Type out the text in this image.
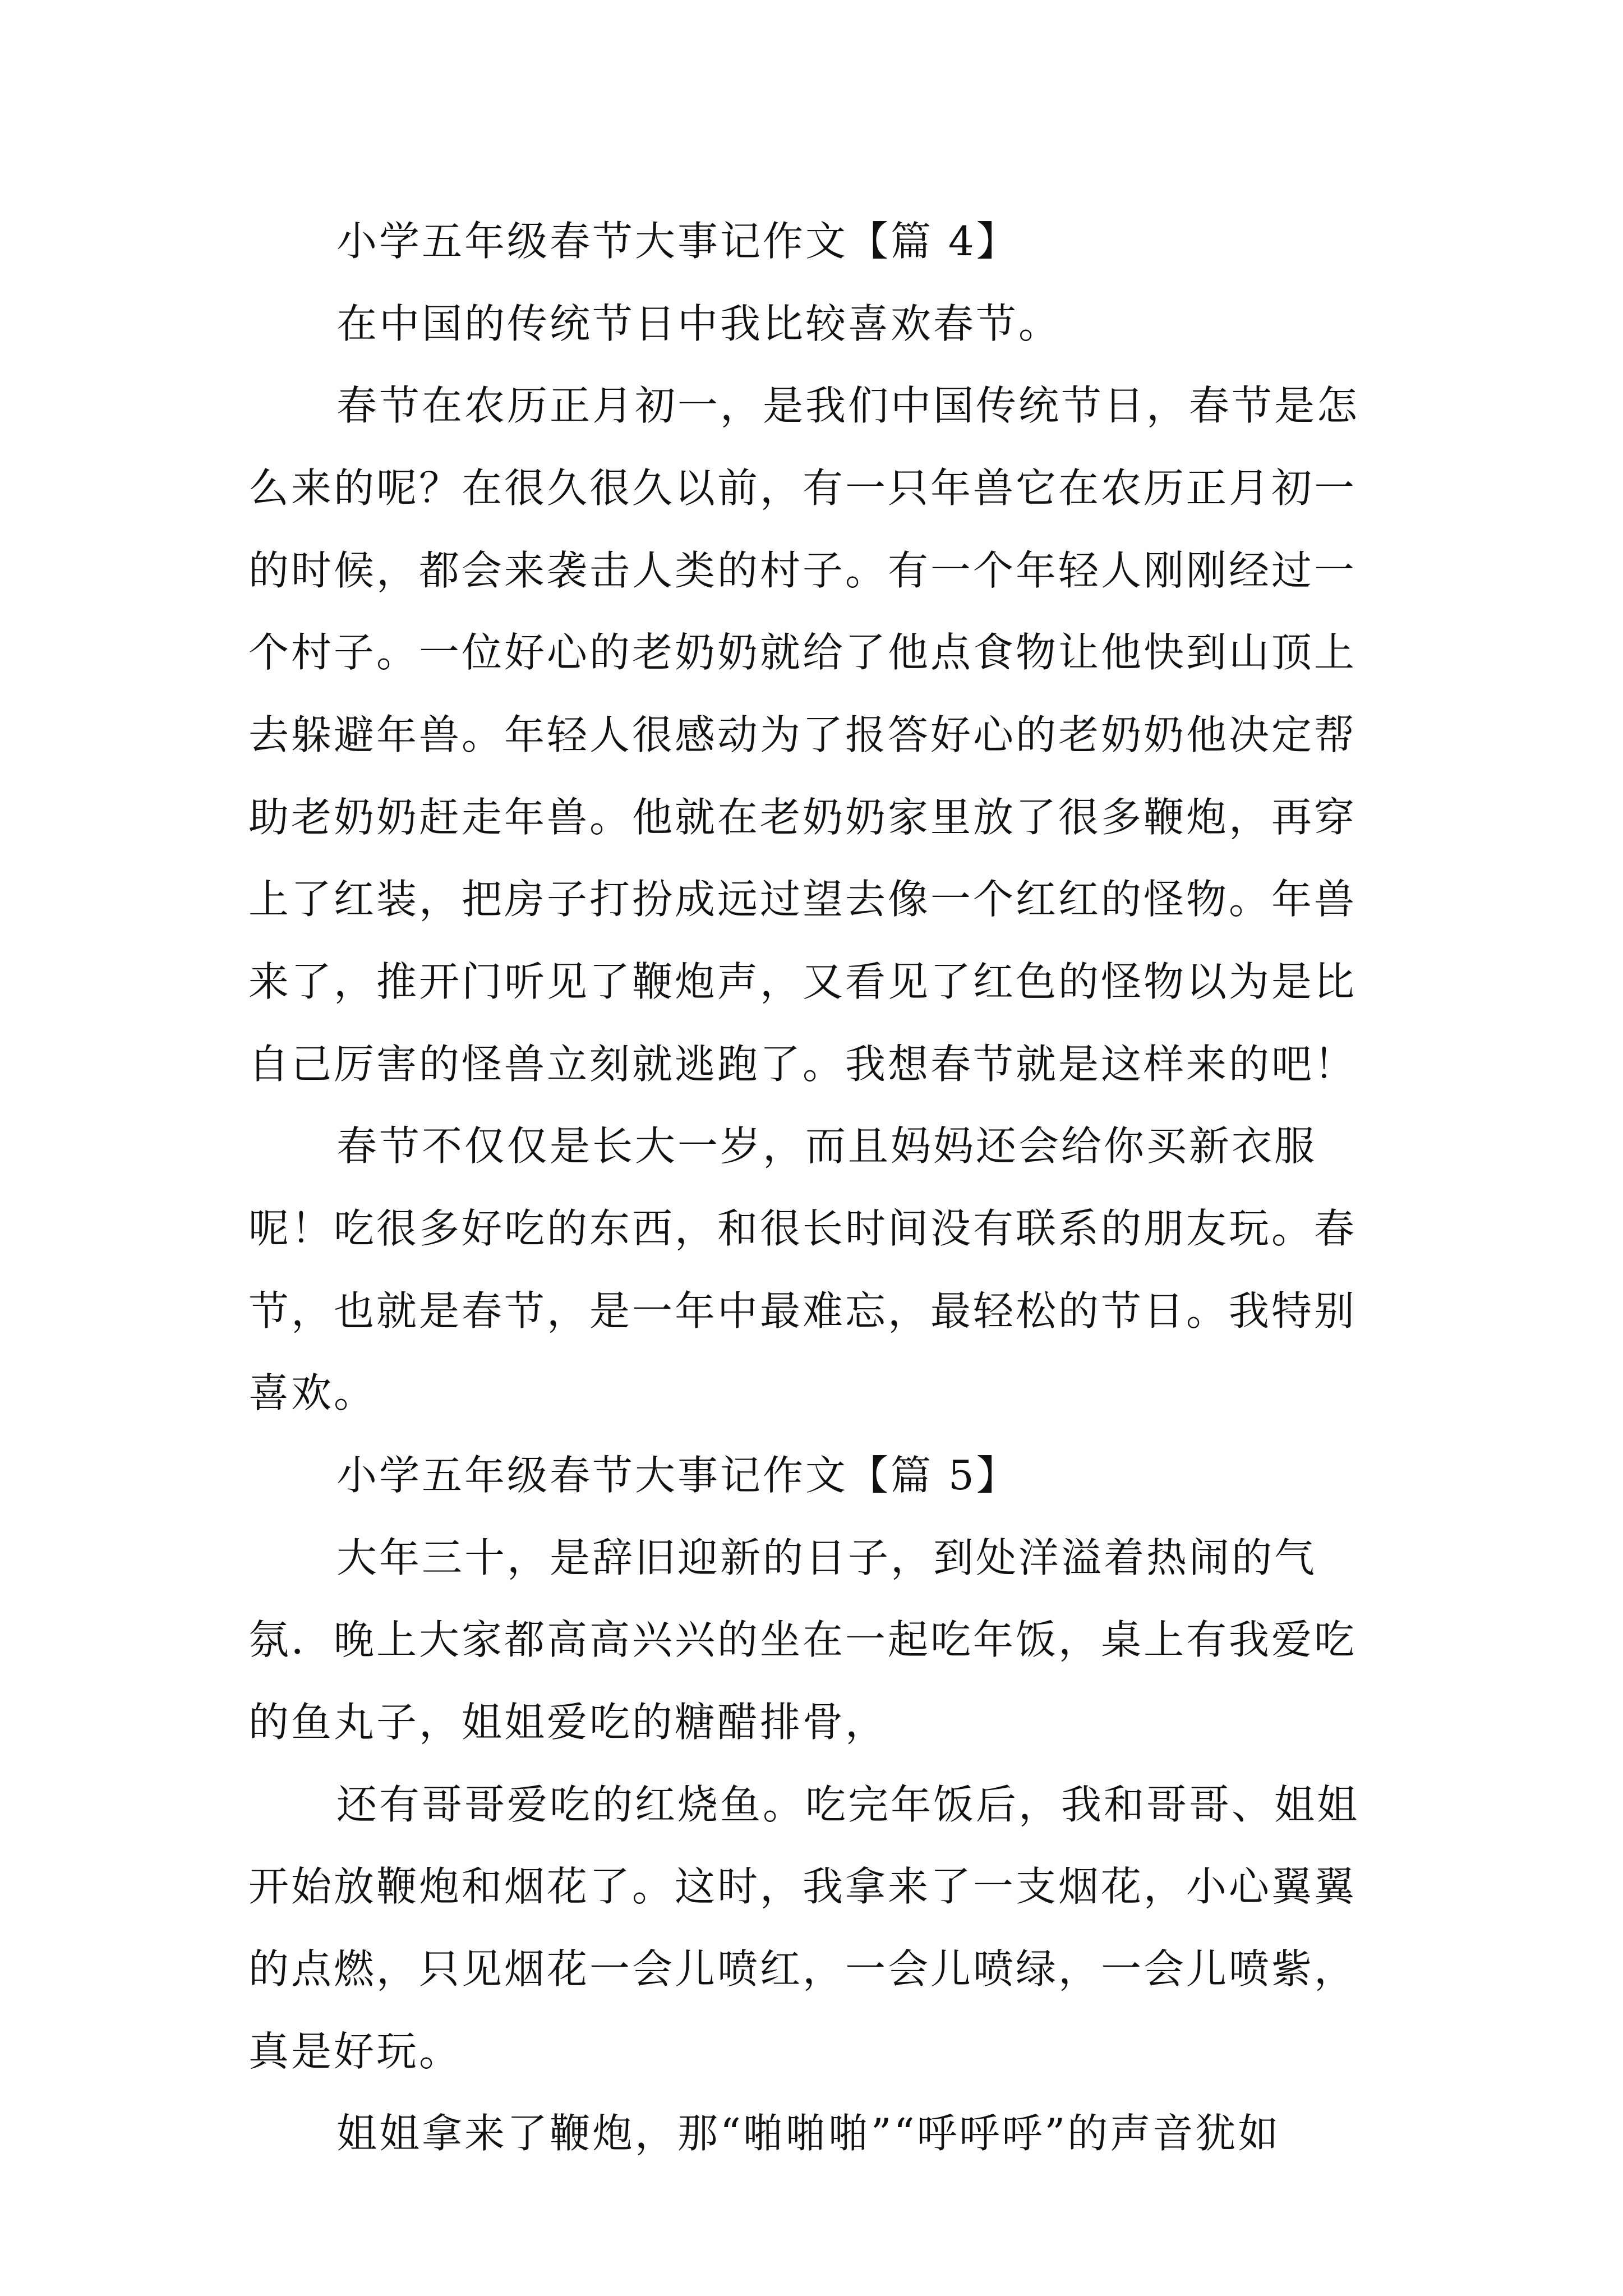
小学五年级春节大事记作文【篇 4】
在中国的传统节日中我比较喜欢春节。
春节在农历正月初一，是我们中国传统节日，春节是怎
么来的呢？在很久很久以前，有一只年兽它在农历正月初一
的时候，都会来袭击人类的村子。有一个年轻人刚刚经过一
个村子。一位好心的老奶奶就给了他点食物让他快到山顶上
去躲避年兽。年轻人很感动为了报答好心的老奶奶他决定帮
助老奶奶赶走年兽。他就在老奶奶家里放了很多鞭炮，再穿
上了红装，把房子打扮成远过望去像一个红红的怪物。年兽
来了，推开门听见了鞭炮声，又看见了红色的怪物以为是比
自己厉害的怪兽立刻就逃跑了。我想春节就是这样来的吧！
春节不仅仅是长大一岁，而且妈妈还会给你买新衣服
呢！吃很多好吃的东西，和很长时间没有联系的朋友玩。春
节，也就是春节，是一年中最难忘，最轻松的节日。我特别
喜欢。
小学五年级春节大事记作文【篇 5】
大年三十，是辞旧迎新的日子，到处洋溢着热闹的气
氛．晚上大家都高高兴兴的坐在一起吃年饭，桌上有我爱吃
的鱼丸子，姐姐爱吃的糖醋排骨，
还有哥哥爱吃的红烧鱼。吃完年饭后，我和哥哥、姐姐
开始放鞭炮和烟花了。这时，我拿来了一支烟花，小心翼翼
的点燃，只见烟花一会儿喷红，一会儿喷绿，一会儿喷紫，
真是好玩。
姐姐拿来了鞭炮，那“啪啪啪”“呼呼呼”的声音犹如
